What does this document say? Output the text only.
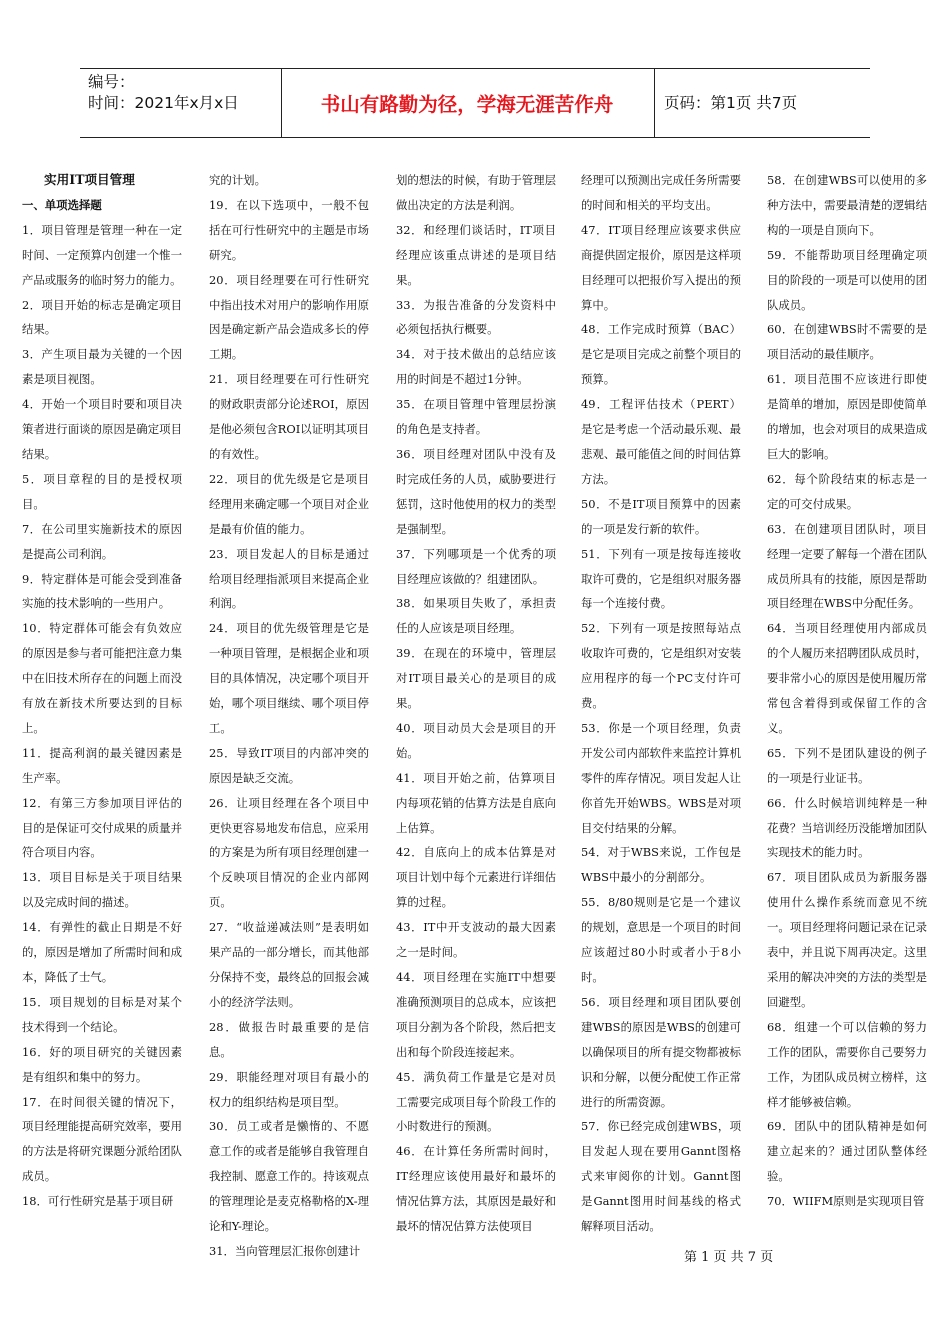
编号：
时间：2021年x月x日	书山有路勤为径，学海无涯苦作舟	页码：第1页 共7页

实用IT项目管理

一、单项选择题

1．项目管理是管理一种在一定时间、一定预算内创建一个惟一产品或服务的临时努力的能力。

2．项目开始的标志是确定项目结果。

3．产生项目最为关键的一个因素是项目视图。

4．开始一个项目时要和项目决策者进行面谈的原因是确定项目结果。

5．项目章程的目的是授权项目。

7．在公司里实施新技术的原因是提高公司利润。

9．特定群体是可能会受到准备实施的技术影响的一些用户。

10．特定群体可能会有负效应的原因是参与者可能把注意力集中在旧技术所存在的问题上而没有放在新技术所要达到的目标上。

11．提高利润的最关键因素是生产率。

12．有第三方参加项目评估的目的是保证可交付成果的质量并符合项目内容。

13．项目目标是关于项目结果以及完成时间的描述。

14．有弹性的截止日期是不好的，原因是增加了所需时间和成本，降低了士气。

15．项目规划的目标是对某个技术得到一个结论。

16．好的项目研究的关键因素是有组织和集中的努力。

17．在时间很关键的情况下，项目经理能提高研究效率，要用的方法是将研究课题分派给团队成员。

18．可行性研究是基于项目研

究的计划。

19．在以下选项中，一般不包括在可行性研究中的主题是市场研究。

20．项目经理要在可行性研究中指出技术对用户的影响作用原因是确定新产品会造成多长的停工期。

21．项目经理要在可行性研究的财政职责部分论述ROI，原因是他必须包含ROI以证明其项目的有效性。

22．项目的优先级是它是项目经理用来确定哪一个项目对企业是最有价值的能力。

23．项目发起人的目标是通过给项目经理指派项目来提高企业利润。

24．项目的优先级管理是它是一种项目管理，是根据企业和项目的具体情况，决定哪个项目开始，哪个项目继续、哪个项目停工。

25．导致IT项目的内部冲突的原因是缺乏交流。

26．让项目经理在各个项目中更快更容易地发布信息，应采用的方案是为所有项目经理创建一个反映项目情况的企业内部网页。

27．“收益递减法则”是表明如果产品的一部分增长，而其他部分保持不变，最终总的回报会减小的经济学法则。

28．做报告时最重要的是信息。

29．职能经理对项目有最小的权力的组织结构是项目型。

30．员工或者是懒惰的、不愿意工作的或者是能够自我管理自我控制、愿意工作的。持该观点的管理理论是麦克格勒格的X-理论和Y-理论。

31．当向管理层汇报你创建计

划的想法的时候，有助于管理层做出决定的方法是利润。

32．和经理们谈话时，IT项目经理应该重点讲述的是项目结果。

33．为报告准备的分发资料中必须包括执行概要。

34．对于技术做出的总结应该用的时间是不超过1分钟。

35．在项目管理中管理层扮演的角色是支持者。

36．项目经理对团队中没有及时完成任务的人员，威胁要进行惩罚，这时他使用的权力的类型是强制型。

37．下列哪项是一个优秀的项目经理应该做的？组建团队。

38．如果项目失败了，承担责任的人应该是项目经理。

39．在现在的环境中，管理层对IT项目最关心的是项目的成果。

40．项目动员大会是项目的开始。

41．项目开始之前，估算项目内每项花销的估算方法是自底向上估算。

42．自底向上的成本估算是对项目计划中每个元素进行详细估算的过程。

43．IT中开支波动的最大因素之一是时间。

44．项目经理在实施IT中想要准确预测项目的总成本，应该把项目分割为各个阶段，然后把支出和每个阶段连接起来。

45．满负荷工作量是它是对员工需要完成项目每个阶段工作的小时数进行的预测。

46．在计算任务所需时间时，IT经理应该使用最好和最坏的情况估算方法，其原因是最好和最坏的情况估算方法使项目

经理可以预测出完成任务所需要的时间和相关的平均支出。

47．IT项目经理应该要求供应商提供固定报价，原因是这样项目经理可以把报价写入提出的预算中。

48．工作完成时预算（BAC）是它是项目完成之前整个项目的预算。

49．工程评估技术（PERT）是它是考虑一个活动最乐观、最悲观、最可能值之间的时间估算方法。

50．不是IT项目预算中的因素的一项是发行新的软件。

51．下列有一项是按每连接收取许可费的，它是组织对服务器每一个连接付费。

52．下列有一项是按照每站点收取许可费的，它是组织对安装应用程序的每一个PC支付许可费。

53．你是一个项目经理，负责开发公司内部软件来监控计算机零件的库存情况。项目发起人让你首先开始WBS。WBS是对项目交付结果的分解。

54．对于WBS来说，工作包是WBS中最小的分割部分。

55．8/80规则是它是一个建议的规划，意思是一个项目的时间应该超过80小时或者小于8小时。

56．项目经理和项目团队要创建WBS的原因是WBS的创建可以确保项目的所有提交物都被标识和分解，以便分配使工作正常进行的所需资源。

57．你已经完成创建WBS，项目发起人现在要用Gannt图格式来审阅你的计划。Gannt图是Gannt图用时间基线的格式解释项目活动。

58．在创建WBS可以使用的多种方法中，需要最清楚的逻辑结构的一项是自顶向下。

59．不能帮助项目经理确定项目的阶段的一项是可以使用的团队成员。

60．在创建WBS时不需要的是项目活动的最佳顺序。

61．项目范围不应该进行即使是简单的增加，原因是即使简单的增加，也会对项目的成果造成巨大的影响。

62．每个阶段结束的标志是一定的可交付成果。

63．在创建项目团队时，项目经理一定要了解每一个潜在团队成员所具有的技能，原因是帮助项目经理在WBS中分配任务。

64．当项目经理使用内部成员的个人履历来招聘团队成员时，要非常小心的原因是使用履历常常包含着得到或保留工作的含义。

65．下列不是团队建设的例子的一项是行业证书。

66．什么时候培训纯粹是一种花费？当培训经历没能增加团队实现技术的能力时。

67．项目团队成员为新服务器使用什么操作系统而意见不统一。项目经理将问题记录在记录表中，并且说下周再决定。这里采用的解决冲突的方法的类型是回避型。

68．组建一个可以信赖的努力工作的团队，需要你自己要努力工作，为团队成员树立榜样，这样才能够被信赖。

69．团队中的团队精神是如何建立起来的？通过团队整体经验。

70．WIIFM原则是实现项目管

第 1 页 共 7 页
